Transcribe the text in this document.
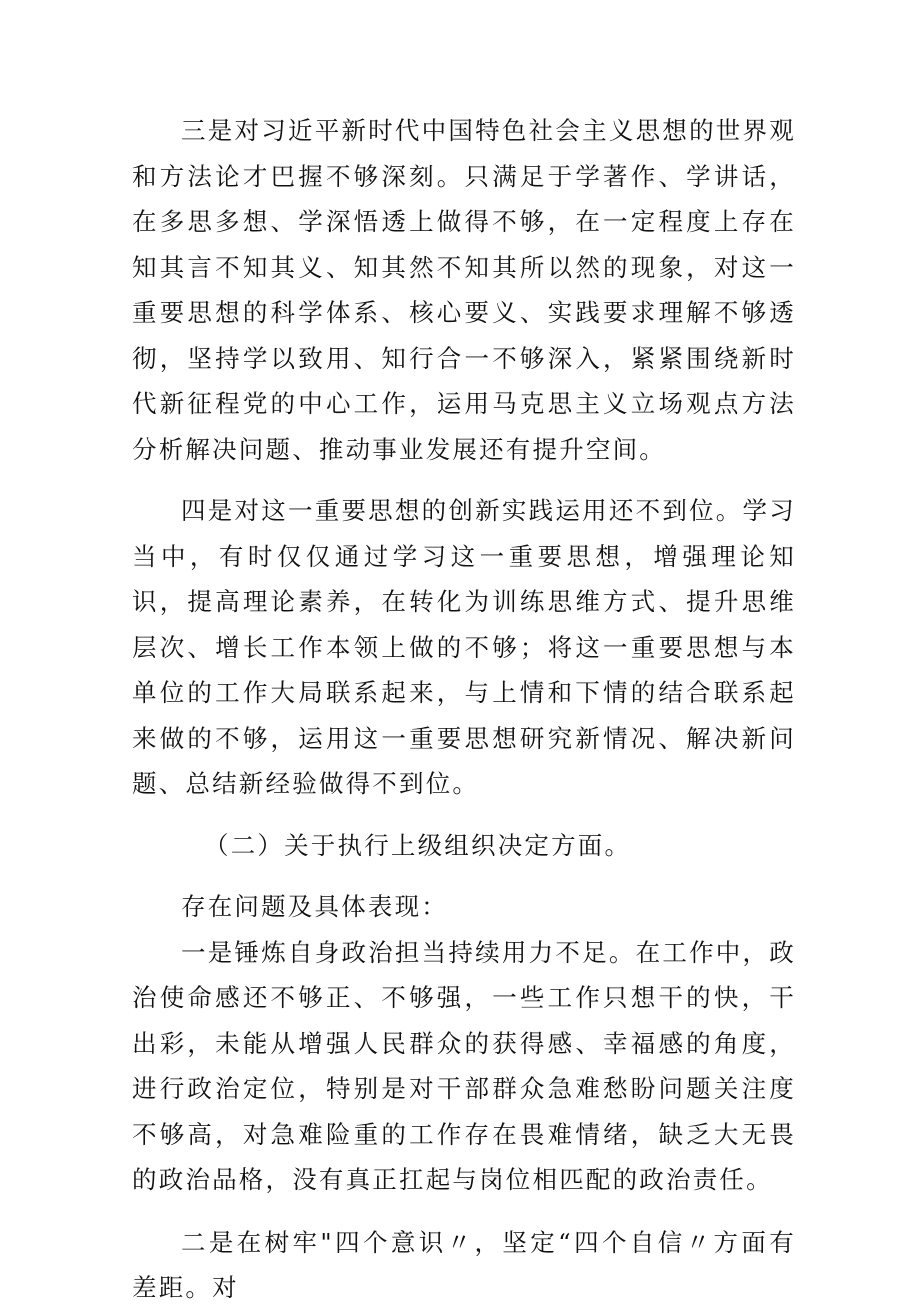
三是对习近平新时代中国特色社会主义思想的世界观和方法论才巴握不够深刻。只满足于学著作、学讲话，在多思多想、学深悟透上做得不够，在一定程度上存在知其言不知其义、知其然不知其所以然的现象，对这一重要思想的科学体系、核心要义、实践要求理解不够透彻，坚持学以致用、知行合一不够深入，紧紧围绕新时代新征程党的中心工作，运用马克思主义立场观点方法分析解决问题、推动事业发展还有提升空间。

四是对这一重要思想的创新实践运用还不到位。学习当中，有时仅仅通过学习这一重要思想，增强理论知识，提高理论素养，在转化为训练思维方式、提升思维层次、增长工作本领上做的不够；将这一重要思想与本单位的工作大局联系起来，与上情和下情的结合联系起来做的不够，运用这一重要思想研究新情况、解决新问题、总结新经验做得不到位。

（二）关于执行上级组织决定方面。

存在问题及具体表现：

一是锤炼自身政治担当持续用力不足。在工作中，政治使命感还不够正、不够强，一些工作只想干的快，干出彩，未能从增强人民群众的获得感、幸福感的角度，进行政治定位，特别是对干部群众急难愁盼问题关注度不够高，对急难险重的工作存在畏难情绪，缺乏大无畏的政治品格，没有真正扛起与岗位相匹配的政治责任。

二是在树牢"四个意识〃，坚定“四个自信〃方面有差距。对
